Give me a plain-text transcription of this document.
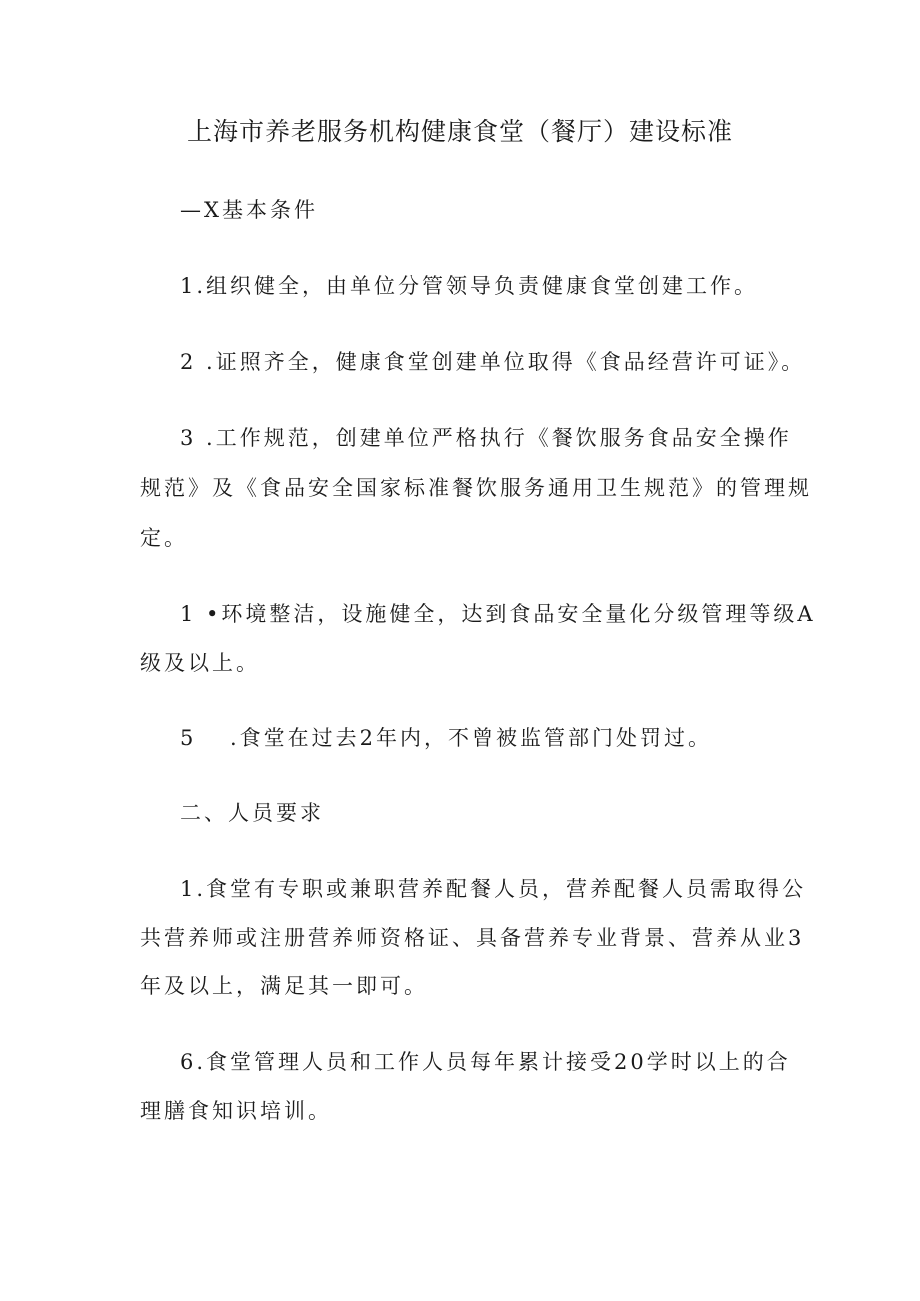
上海市养老服务机构健康食堂（餐厅）建设标准
—X基本条件
1.组织健全，由单位分管领导负责健康食堂创建工作。
2 .证照齐全，健康食堂创建单位取得《食品经营许可证》。
3 .工作规范，创建单位严格执行《餐饮服务食品安全操作
规范》及《食品安全国家标准餐饮服务通用卫生规范》的管理规
定。
1 •环境整洁，设施健全，达到食品安全量化分级管理等级A
级及以上。
5 .食堂在过去2年内，不曾被监管部门处罚过。
二、人员要求
1.食堂有专职或兼职营养配餐人员，营养配餐人员需取得公
共营养师或注册营养师资格证、具备营养专业背景、营养从业3
年及以上，满足其一即可。
6.食堂管理人员和工作人员每年累计接受20学时以上的合
理膳食知识培训。
